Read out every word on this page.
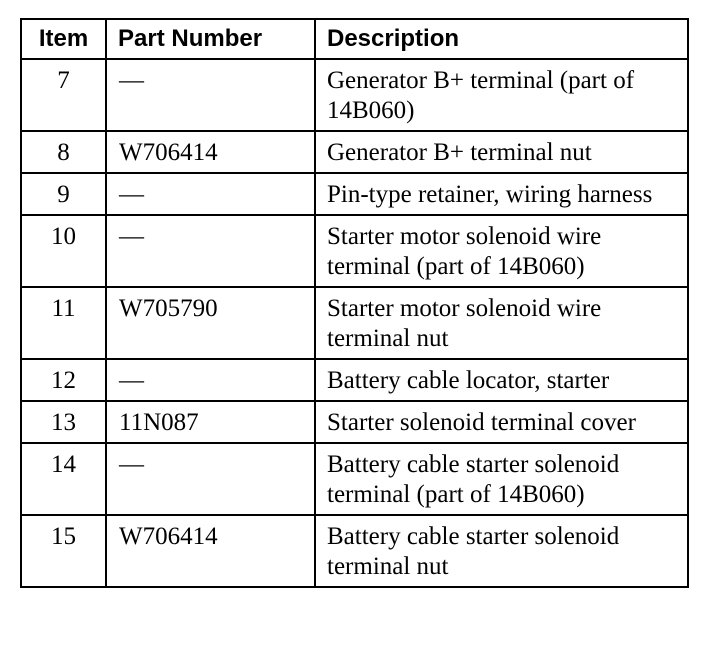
Item	Part Number	Description
7	—	Generator B+ terminal (part of 14B060)
8	W706414	Generator B+ terminal nut
9	—	Pin-type retainer, wiring harness
10	—	Starter motor solenoid wire terminal (part of 14B060)
11	W705790	Starter motor solenoid wire terminal nut
12	—	Battery cable locator, starter
13	11N087	Starter solenoid terminal cover
14	—	Battery cable starter solenoid terminal (part of 14B060)
15	W706414	Battery cable starter solenoid terminal nut
